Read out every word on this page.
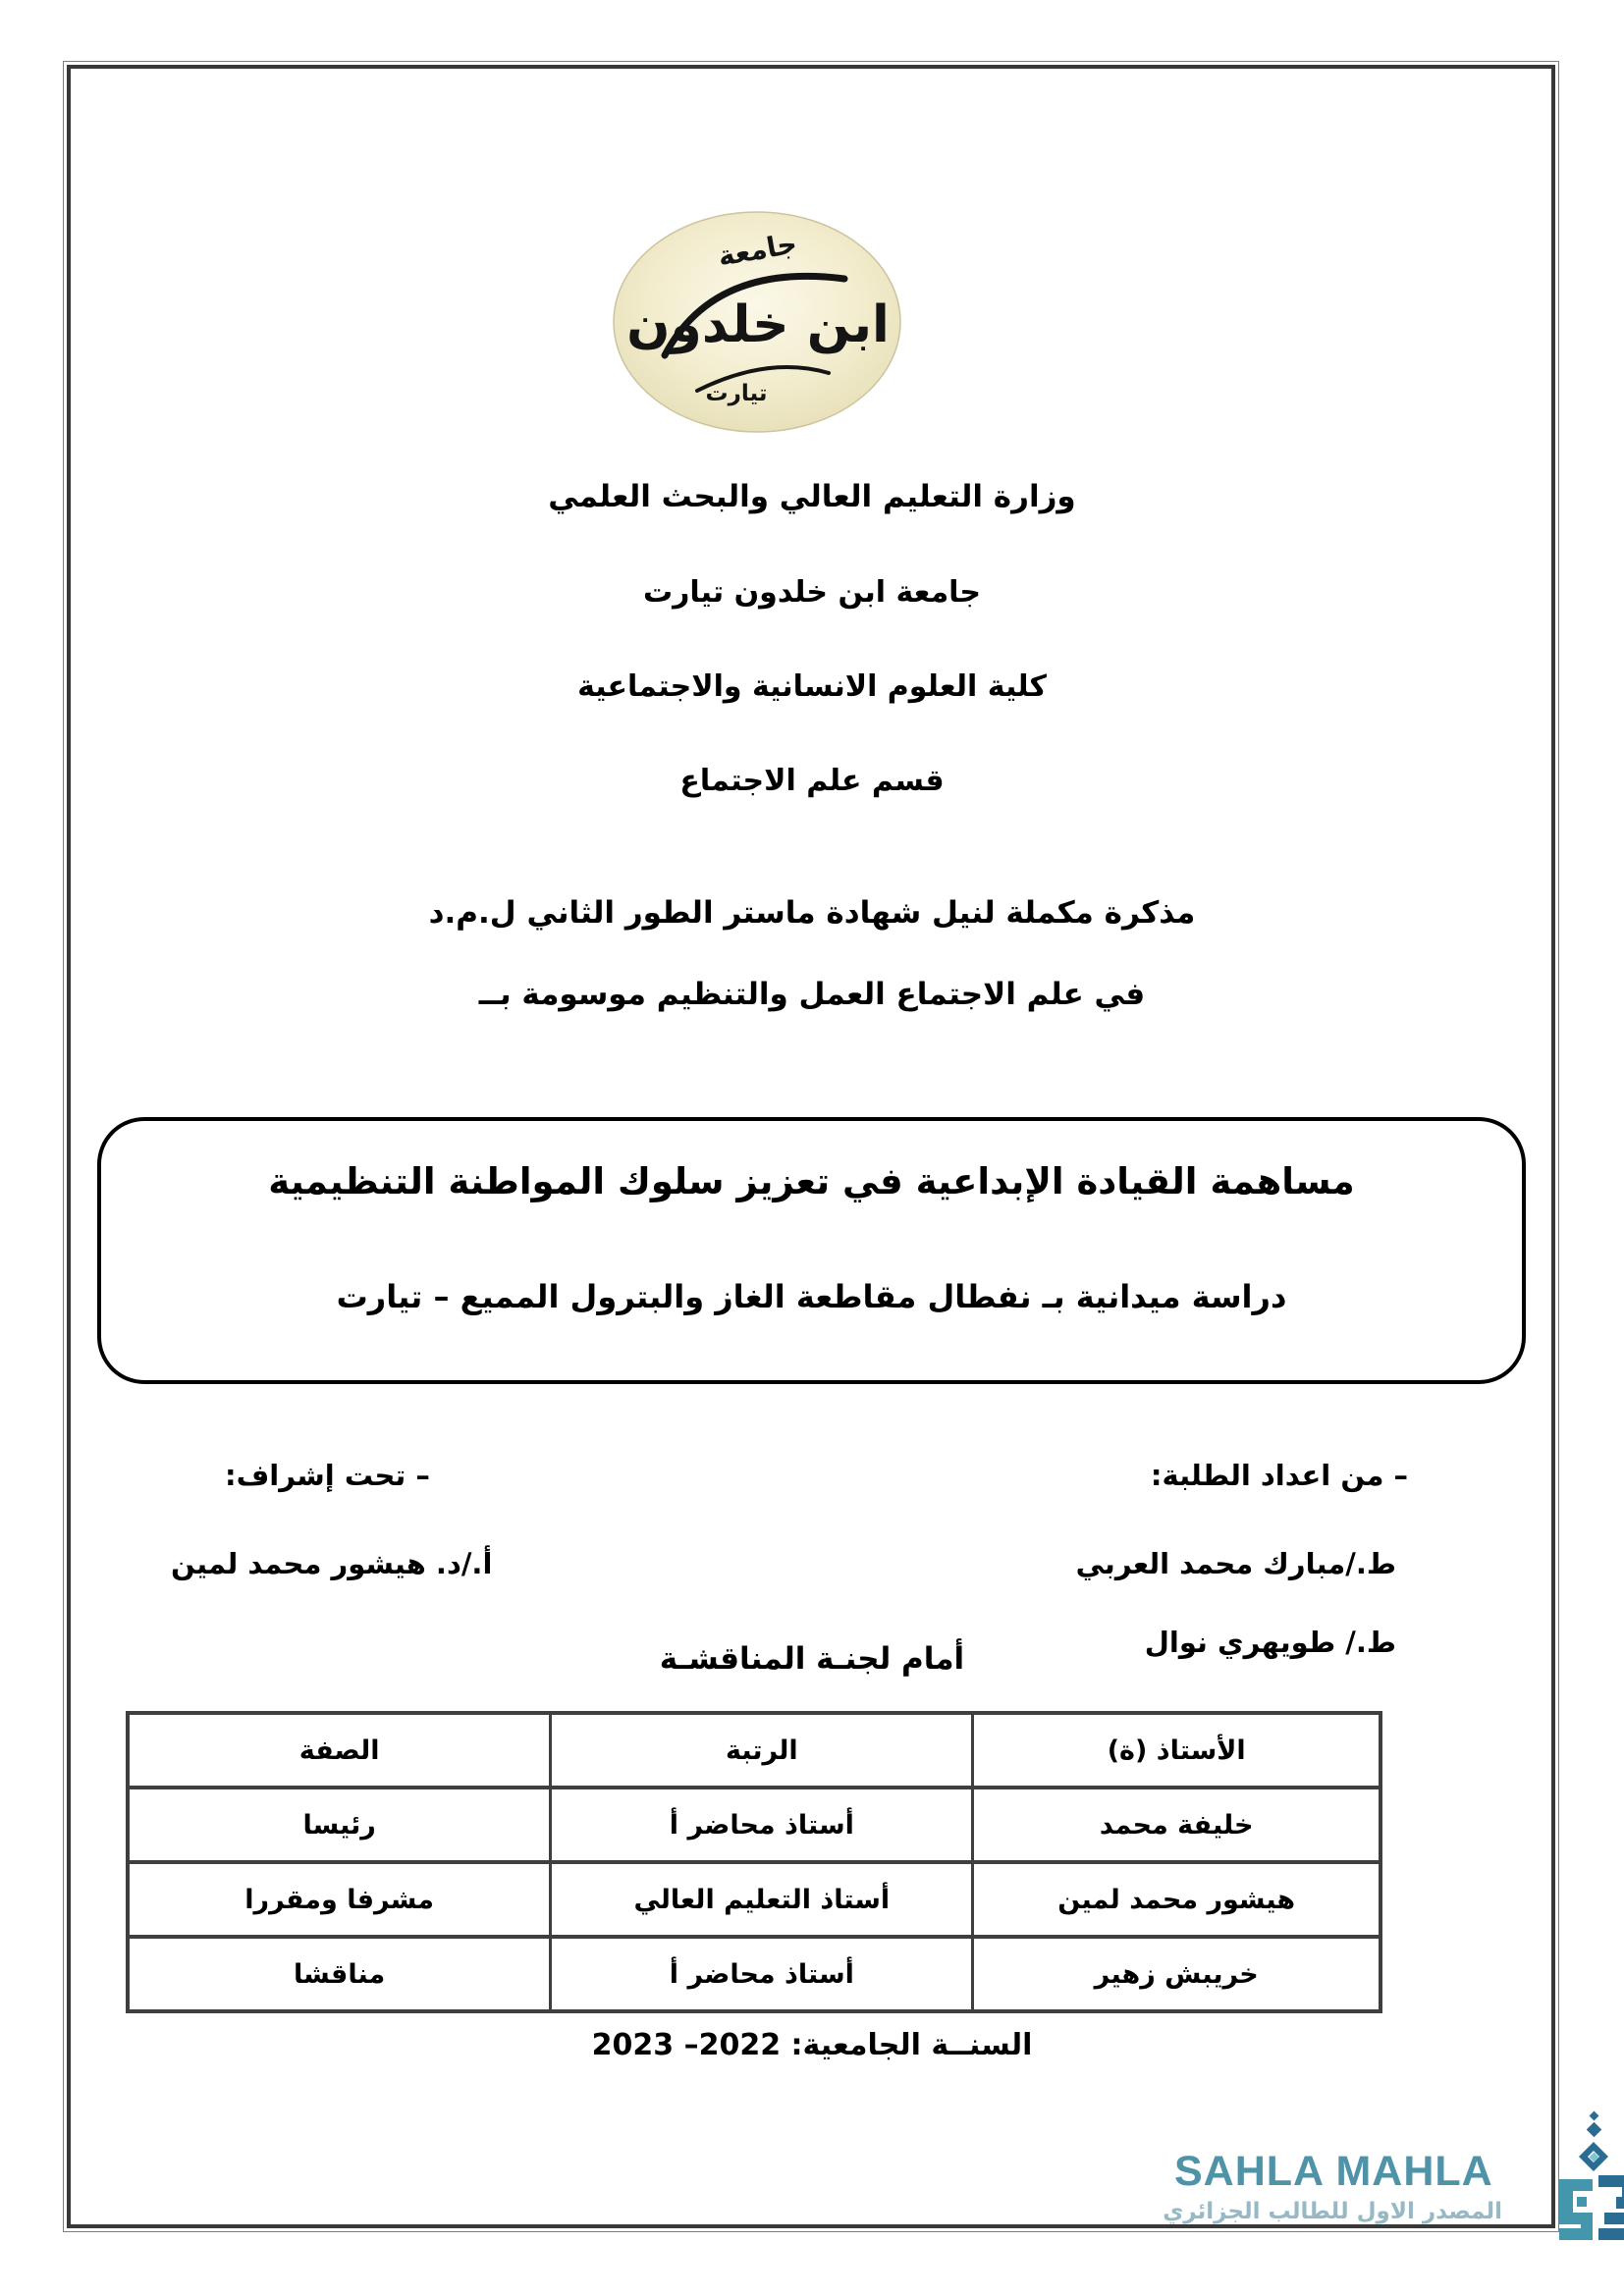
جامعة
ابن خلدون
تيارت
وزارة التعليم العالي والبحث العلمي
جامعة ابن خلدون تيارت
كلية العلوم الانسانية والاجتماعية
قسم علم الاجتماع
مذكرة مكملة لنيل شهادة ماستر الطور الثاني ل.م.د
في علم الاجتماع العمل والتنظيم موسومة بــ
مساهمة القيادة الإبداعية في تعزيز سلوك المواطنة التنظيمية
دراسة ميدانية بـ نفطال مقاطعة الغاز والبترول المميع – تيارت
– من اعداد الطلبة:
ط./مبارك محمد العربي
ط./ طويهري نوال
– تحت إشراف:
أ./د. هيشور محمد لمين
أمام لجنـة المناقشـة
الأستاذ (ة)	الرتبة	الصفة
خليفة محمد	أستاذ محاضر أ	رئيسا
هيشور محمد لمين	أستاذ التعليم العالي	مشرفا ومقررا
خريبش زهير	أستاذ محاضر أ	مناقشا
السنــة الجامعية: 2022– 2023
SAHLA MAHLA
المصدر الاول للطالب الجزائري
